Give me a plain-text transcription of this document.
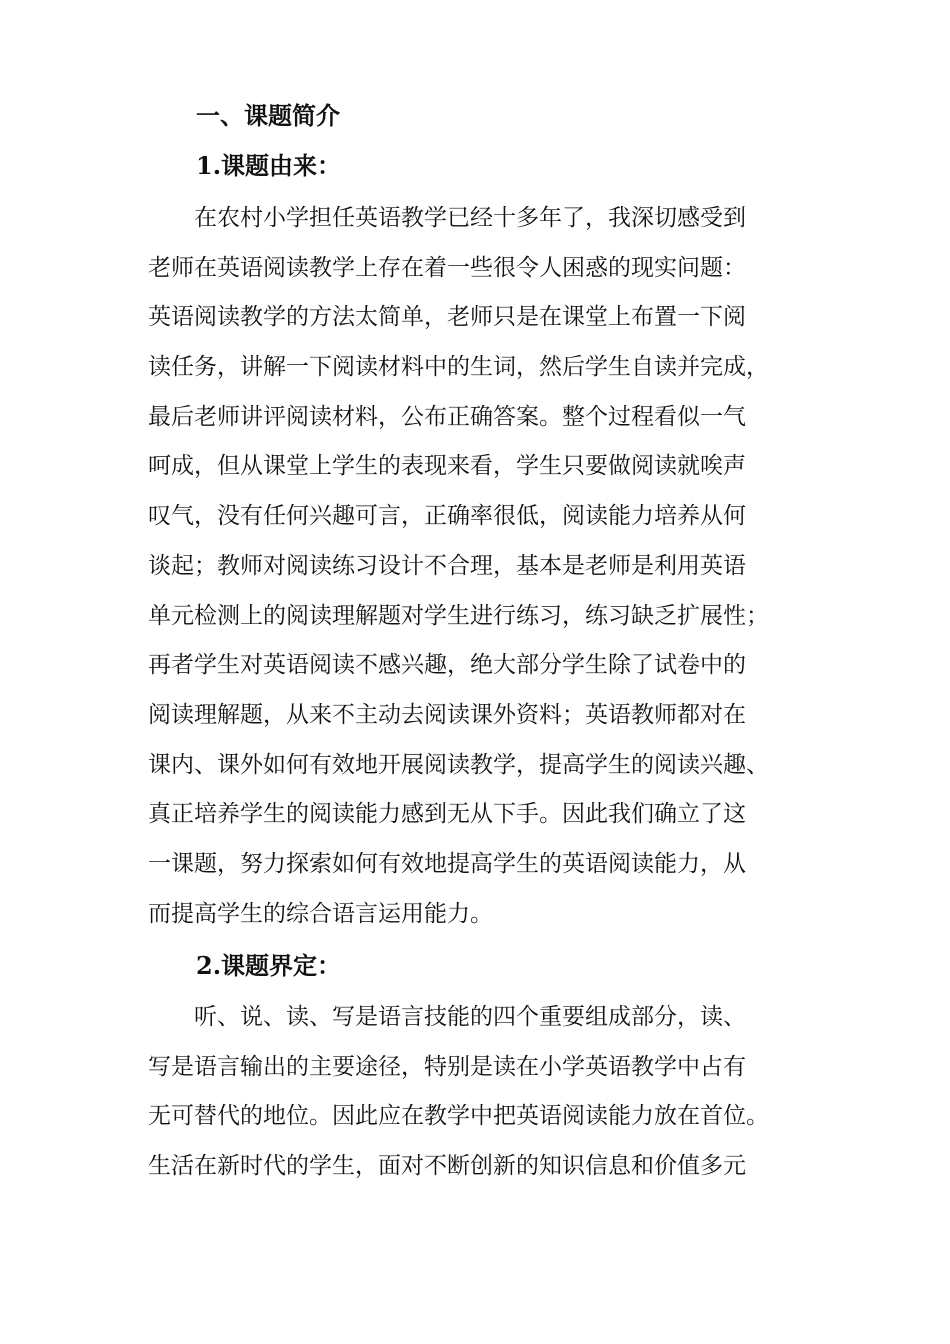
一、课题简介
1.课题由来：
　　在农村小学担任英语教学已经十多年了，我深切感受到
老师在英语阅读教学上存在着一些很令人困惑的现实问题：
英语阅读教学的方法太简单，老师只是在课堂上布置一下阅
读任务，讲解一下阅读材料中的生词，然后学生自读并完成，
最后老师讲评阅读材料，公布正确答案。整个过程看似一气
呵成，但从课堂上学生的表现来看，学生只要做阅读就唉声
叹气，没有任何兴趣可言，正确率很低，阅读能力培养从何
谈起；教师对阅读练习设计不合理，基本是老师是利用英语
单元检测上的阅读理解题对学生进行练习，练习缺乏扩展性；
再者学生对英语阅读不感兴趣，绝大部分学生除了试卷中的
阅读理解题，从来不主动去阅读课外资料；英语教师都对在
课内、课外如何有效地开展阅读教学，提高学生的阅读兴趣、
真正培养学生的阅读能力感到无从下手。因此我们确立了这
一课题，努力探索如何有效地提高学生的英语阅读能力，从
而提高学生的综合语言运用能力。
2.课题界定：
　　听、说、读、写是语言技能的四个重要组成部分，读、
写是语言输出的主要途径，特别是读在小学英语教学中占有
无可替代的地位。因此应在教学中把英语阅读能力放在首位。
生活在新时代的学生，面对不断创新的知识信息和价值多元
